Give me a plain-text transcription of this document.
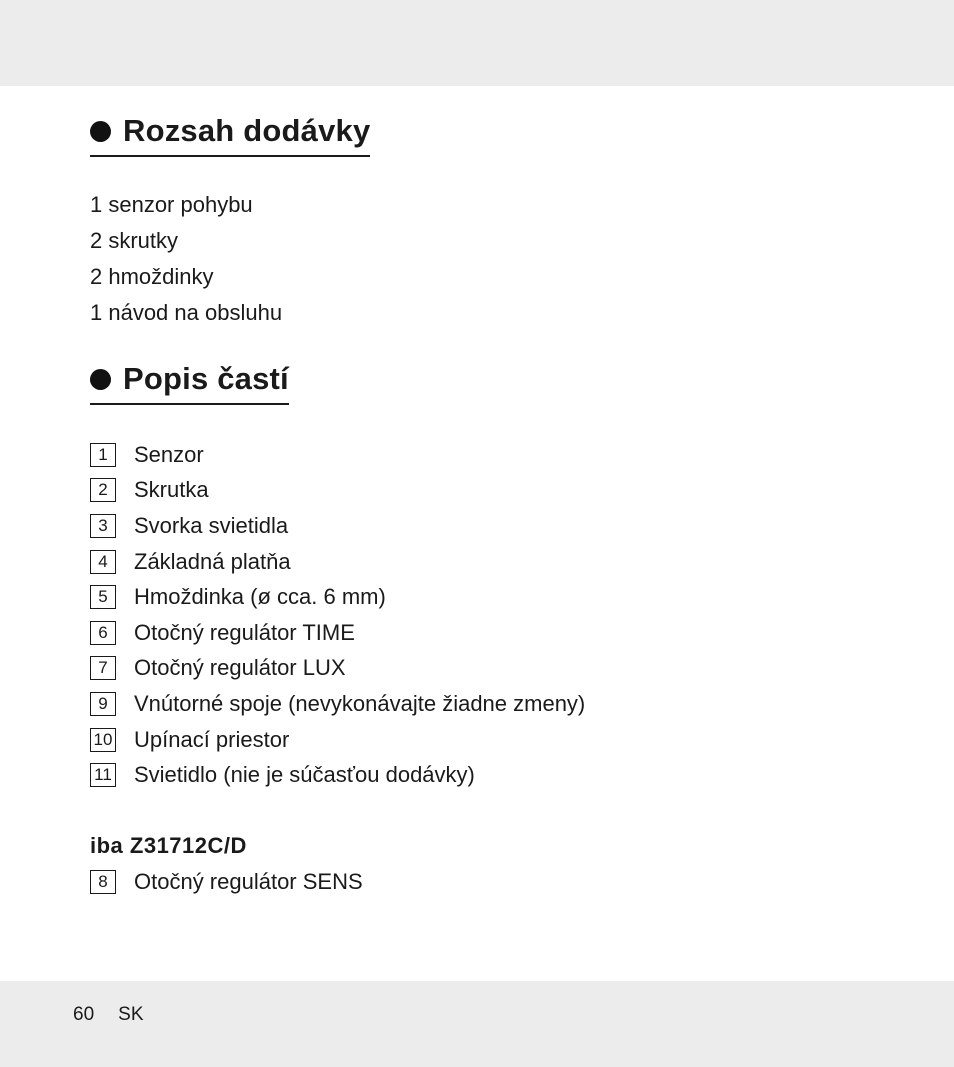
Rozsah dodávky
1 senzor pohybu
2 skrutky
2 hmoždinky
1 návod na obsluhu
Popis častí
1	Senzor
2	Skrutka
3	Svorka svietidla
4	Základná platňa
5	Hmoždinka (ø cca. 6 mm)
6	Otočný regulátor TIME
7	Otočný regulátor LUX
9	Vnútorné spoje (nevykonávajte žiadne zmeny)
10 Upínací priestor
11 Svietidlo (nie je súčasťou dodávky)
iba Z31712C/D
8	Otočný regulátor SENS
60 SK
